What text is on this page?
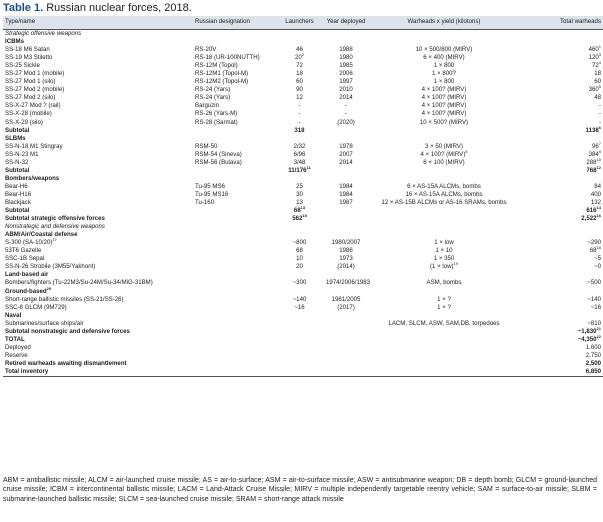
Table 1. Russian nuclear forces, 2018.
Type/name	Russian designation	Launchers	Year deployed	Warheads x yield (kilotons)	Total warheads
Strategic offensive weapons					
ICBMs					
SS-18 M6 Satan	RS-20V	46	1988	10 × 500/800 (MIRV)	$460^1$
SS-19 M3 Stiletto	RS-18 (UR-100NUTTH)	$20^2$	1980	6 × 400 (MIRV)	$120^3$
SS-25 Sickle	RS-12M (Topol)	72	1985	1 × 800	$72^4$
SS-27 Mod 1 (mobile)	RS-12M1 (Topol-M)	18	2006	1 × 800?	18
SS-27 Mod 1 (silo)	RS-12M2 (Topol-M)	60	1997	1 × 800	60
SS-27 Mod 2 (mobile)	RS-24 (Yars)	90	2010	4 × 100? (MIRV)	$360^5$
SS-27 Mod 2 (silo)	RS-24 (Yars)	12	2014	4 × 100? (MIRV)	48
SS-X-27 Mod ? (rail)	Barguzin	-	-	4 × 100? (MIRV)	-
SS-X-28 (mobile)	RS-26 (Yars-M)	-	-	4 × 100? (MIRV)	-
SS-X-29 (silo)	RS-28 (Sarmat)	-	(2020)	10 × 500? (MIRV)	-
Subtotal		318			1138$^6$
SLBMs					
SS-N-18 M1 Stingray	RSM-50	2/32	1978	3 × 50 (MIRV)	$96^7$
SS-N-23 M1	RSM-54 (Sineva)	6/96	2007	4 × 100? (MIRV)$^8$	$384^9$
SS-N-32	RSM-56 (Bulava)	3/48	2014	6 × 100 (MIRV)	$288^{10}$
Subtotal		$11/176^{11}$			$768^{12}$
Bombers/weapons					
Bear-H6	Tu-95 MS6	25	1984	6 × AS-15A ALCMs, bombs	84
Bear-H16	Tu-95 MS16	30	1984	16 × AS-15A ALCMs, bombs	400
Blackjack	Tu-160	13	1987	12 × AS-15B ALCMs or AS-16 SRAMs, bombs	132
Subtotal		$68^{13}$			$616^{14}$
Subtotal strategic offensive forces		$562^{15}$			2,522$^{16}$
Nonstrategic and defensive weapons					
ABM/Air/Coastal defense					
S-300 $(SA-10/20)^{17}$		~800	1980/2007	1 × low	~290
53T6 Gazelle		68	1986	1 × 10	$68^{18}$
SSC-1B Sepal		10	1973	1 × 350	~5
SS-N-26 Strobile (3M55/Yakhont)		20	(2014)	(1 × low)$^{19}$	~0
Land-based air					
Bombers/fighters (Tu-22M3/Su-24M/Su-34/MiG-31BM)		~300	1974/2006/1983	ASM, bombs	~500
Ground-based$^{20}$					
Short-range ballistic missiles (SS-21/SS-26)		~140	1981/2005	1 × ?	~140
SSC-8 GLCM (9M729)		~16	(2017)	1 × ?	~16
Naval					
Submarines/surface ships/air				LACM, SLCM, ASW, SAM,DB, torpedoes	~810
Subtotal nonstrategic and defensive forces					~1,830$^{21}$
TOTAL					~4,350$^{22}$
Deployed					1,600
Reserve					2,750
Retired warheads awaiting dismantlement					2,500
Total inventory					6,850
ABM = antiballistic missile; ALCM = air-launched cruise missile; AS = air-to-surface; ASM = air-to-surface missile; ASW = antisubmarine weapon; DB = depth bomb; GLCM = ground-launched cruise missile; ICBM = intercontinental ballistic missile; LACM = Land-Attack Cruise Missile; MIRV = multiple independently targetable reentry vehicle; SAM = surface-to-air missile; SLBM = submarine-launched ballistic missile; SLCM = sea-launched cruise missile; SRAM = short-range attack missile
